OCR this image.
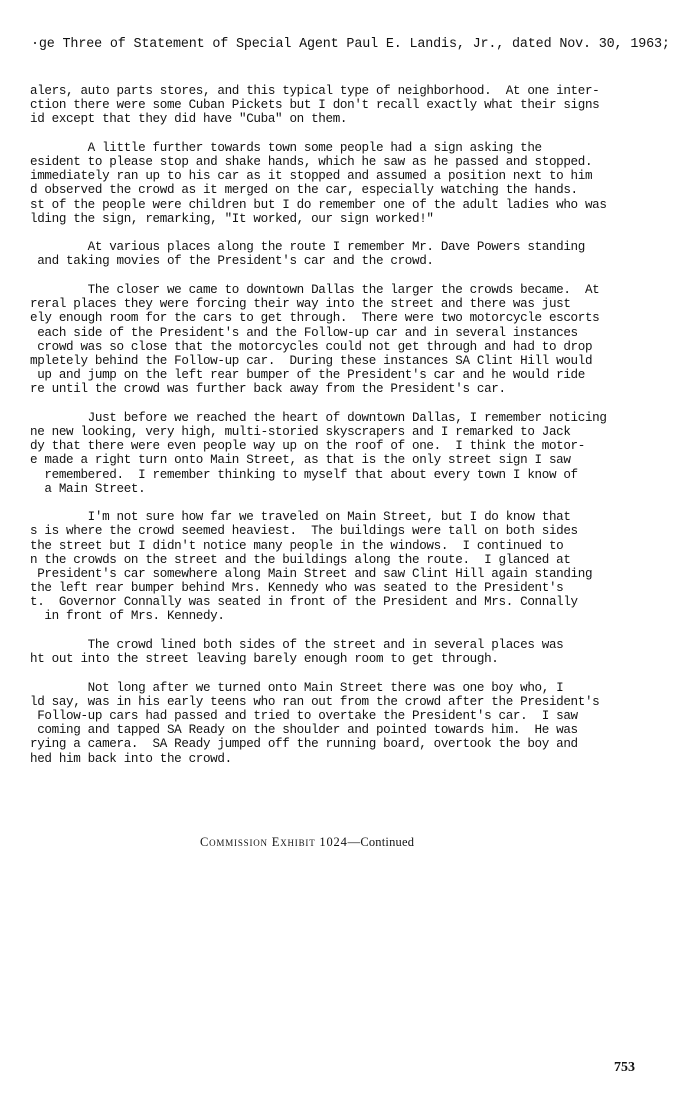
·ge Three of Statement of Special Agent Paul E. Landis, Jr., dated Nov. 30, 1963;
alers, auto parts stores, and this typical type of neighborhood.  At one inter-
ction there were some Cuban Pickets but I don't recall exactly what their signs
id except that they did have "Cuba" on them.
A little further towards town some people had a sign asking the
esident to please stop and shake hands, which he saw as he passed and stopped.
immediately ran up to his car as it stopped and assumed a position next to him
d observed the crowd as it merged on the car, especially watching the hands.
st of the people were children but I do remember one of the adult ladies who was
lding the sign, remarking, "It worked, our sign worked!"
At various places along the route I remember Mr. Dave Powers standing
and taking movies of the President's car and the crowd.
The closer we came to downtown Dallas the larger the crowds became.  At
reral places they were forcing their way into the street and there was just
ely enough room for the cars to get through.  There were two motorcycle escorts
each side of the President's and the Follow-up car and in several instances
crowd was so close that the motorcycles could not get through and had to drop
mpletely behind the Follow-up car.  During these instances SA Clint Hill would
up and jump on the left rear bumper of the President's car and he would ride
re until the crowd was further back away from the President's car.
Just before we reached the heart of downtown Dallas, I remember noticing
ne new looking, very high, multi-storied skyscrapers and I remarked to Jack
dy that there were even people way up on the roof of one.  I think the motor-
e made a right turn onto Main Street, as that is the only street sign I saw
remembered.  I remember thinking to myself that about every town I know of
a Main Street.
I'm not sure how far we traveled on Main Street, but I do know that
s is where the crowd seemed heaviest.  The buildings were tall on both sides
the street but I didn't notice many people in the windows.  I continued to
n the crowds on the street and the buildings along the route.  I glanced at
President's car somewhere along Main Street and saw Clint Hill again standing
the left rear bumper behind Mrs. Kennedy who was seated to the President's
t.  Governor Connally was seated in front of the President and Mrs. Connally
in front of Mrs. Kennedy.
The crowd lined both sides of the street and in several places was
ht out into the street leaving barely enough room to get through.
Not long after we turned onto Main Street there was one boy who, I
ld say, was in his early teens who ran out from the crowd after the President's
Follow-up cars had passed and tried to overtake the President's car.  I saw
coming and tapped SA Ready on the shoulder and pointed towards him.  He was
rying a camera.  SA Ready jumped off the running board, overtook the boy and
hed him back into the crowd.
Commission Exhibit 1024—Continued
753
